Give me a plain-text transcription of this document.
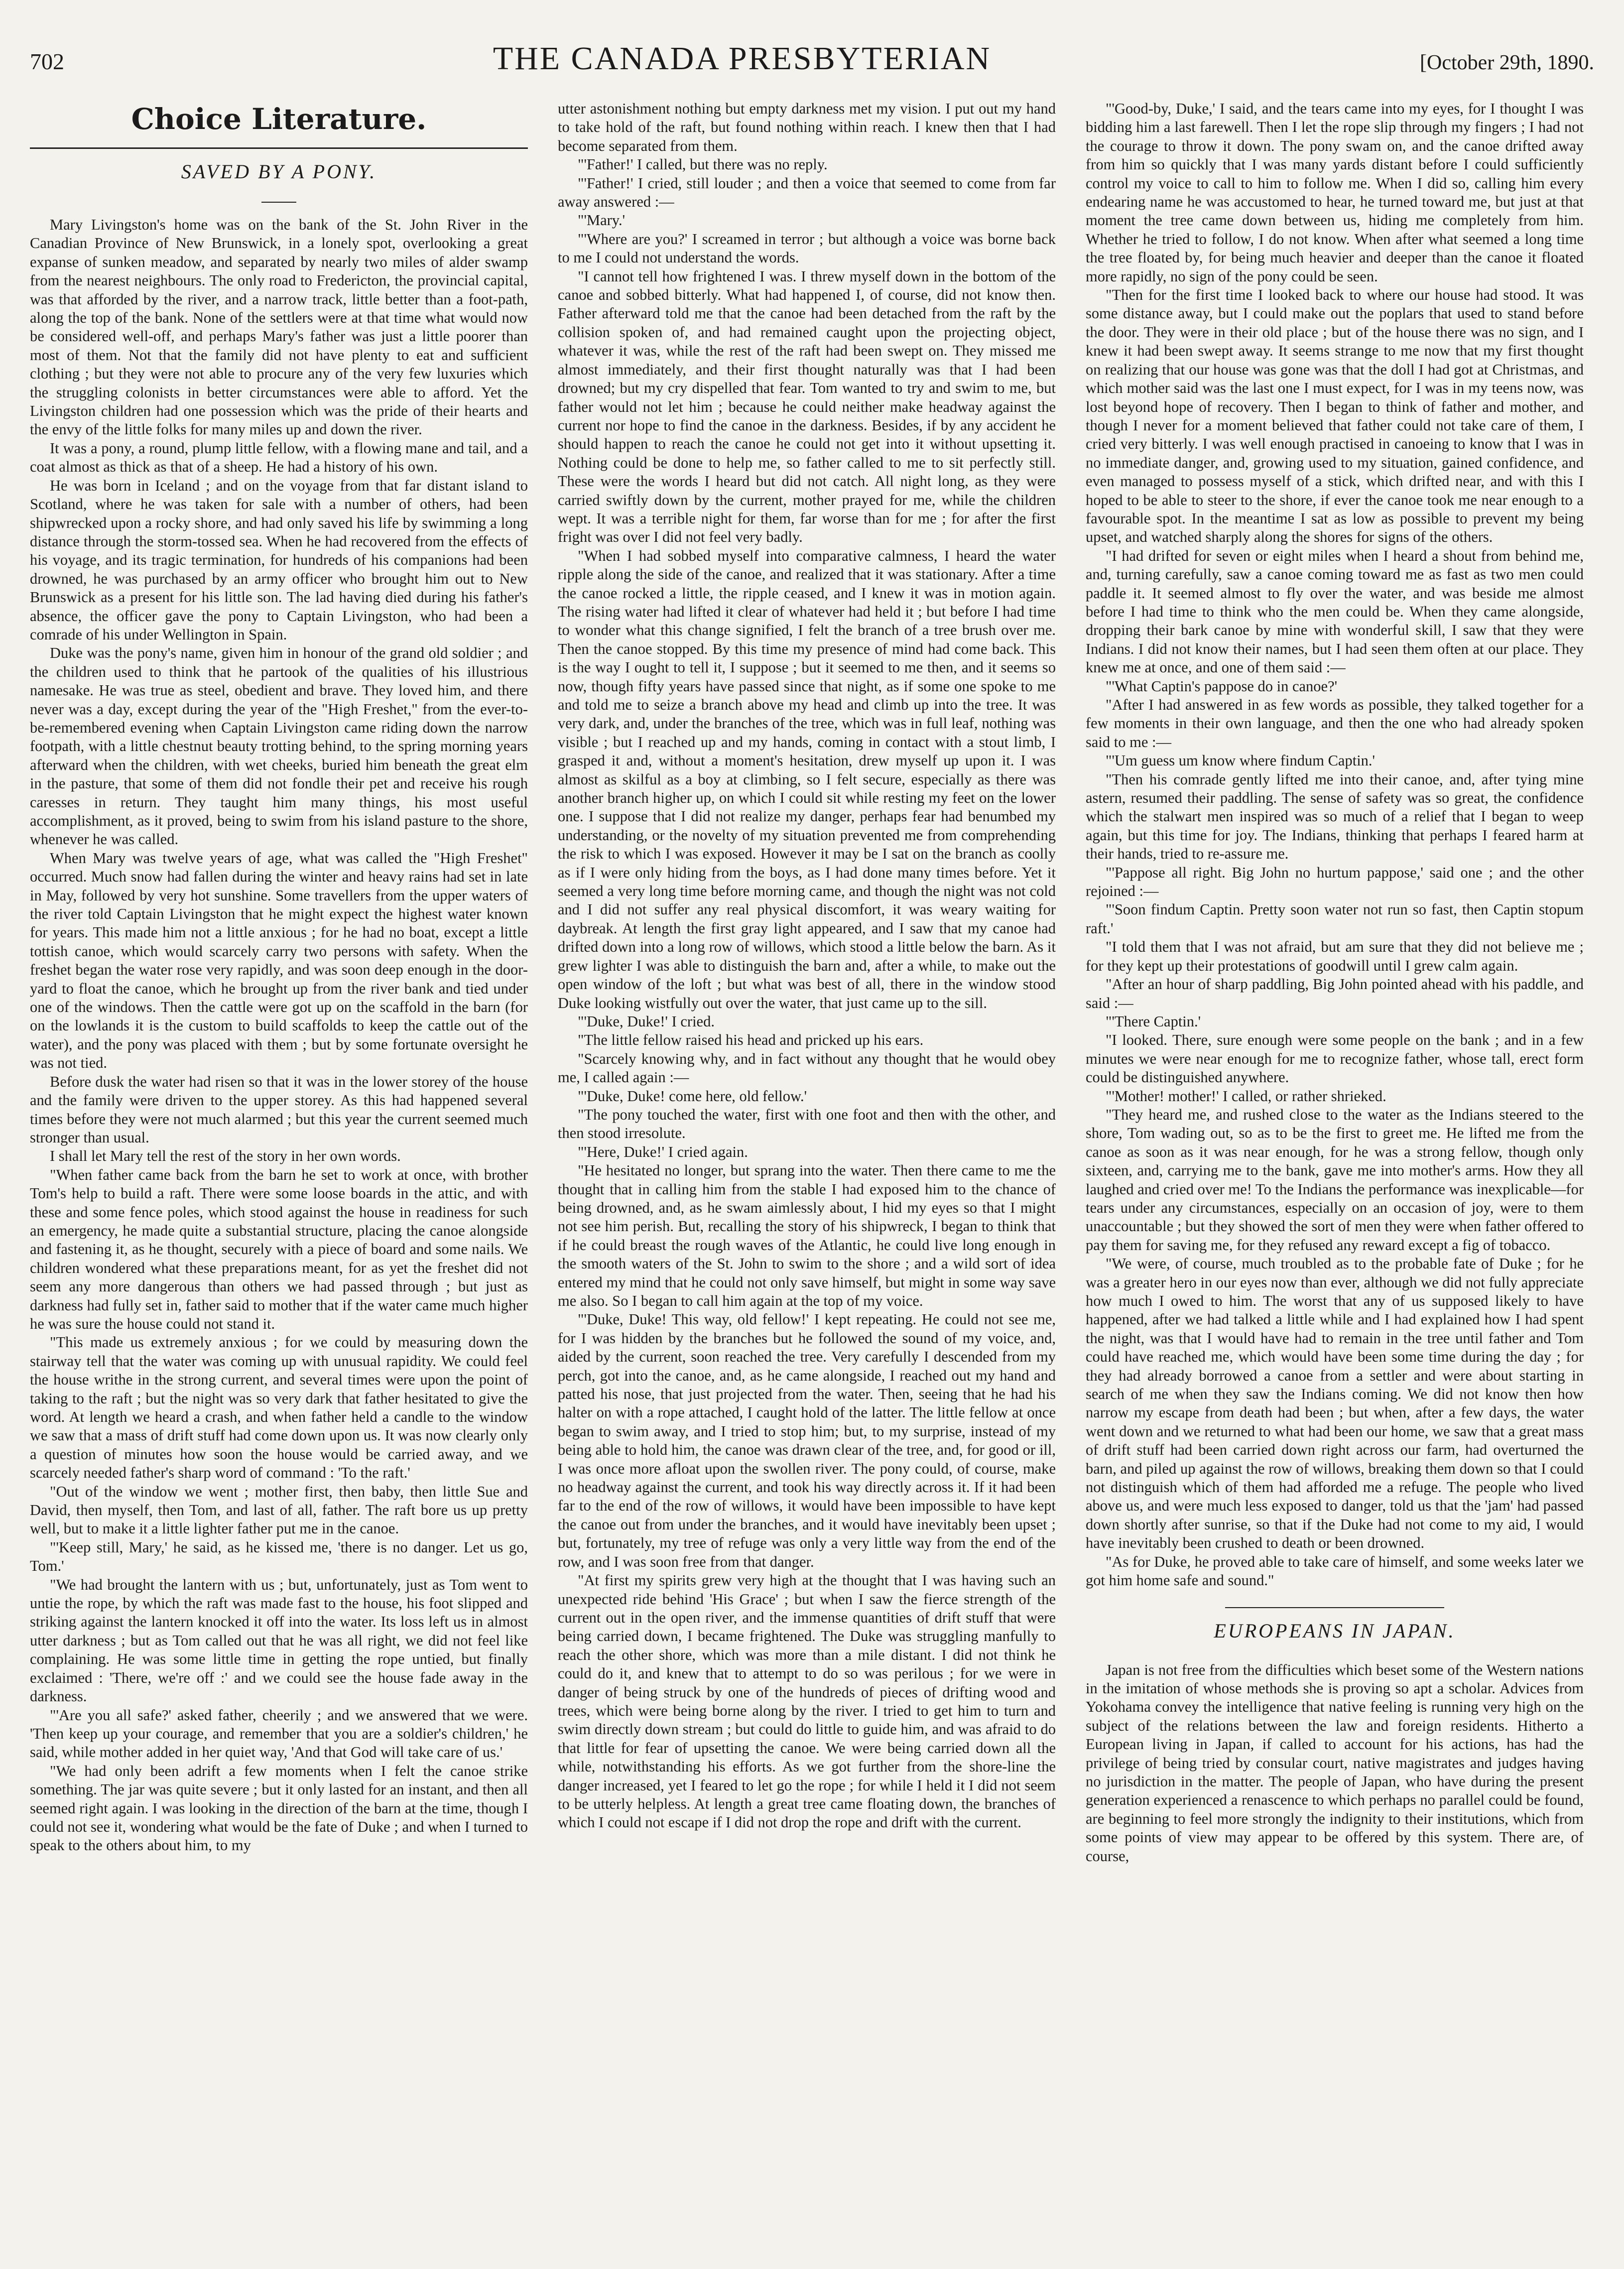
702	THE CANADA PRESBYTERIAN	[October 29th, 1890.
Choice Literature.
SAVED BY A PONY.

Mary Livingston's home was on the bank of the St. John River in the Canadian Province of New Brunswick, in a lonely spot, overlooking a great expanse of sunken meadow, and separated by nearly two miles of alder swamp from the nearest neighbours. The only road to Fredericton, the provincial capital, was that afforded by the river, and a narrow track, little better than a foot-path, along the top of the bank. None of the settlers were at that time what would now be considered well-off, and perhaps Mary's father was just a little poorer than most of them. Not that the family did not have plenty to eat and sufficient clothing ; but they were not able to procure any of the very few luxuries which the struggling colonists in better circumstances were able to afford. Yet the Livingston children had one possession which was the pride of their hearts and the envy of the little folks for many miles up and down the river.

It was a pony, a round, plump little fellow, with a flowing mane and tail, and a coat almost as thick as that of a sheep. He had a history of his own.

He was born in Iceland ; and on the voyage from that far distant island to Scotland, where he was taken for sale with a number of others, had been shipwrecked upon a rocky shore, and had only saved his life by swimming a long distance through the storm-tossed sea. When he had recovered from the effects of his voyage, and its tragic termination, for hundreds of his companions had been drowned, he was purchased by an army officer who brought him out to New Brunswick as a present for his little son. The lad having died during his father's absence, the officer gave the pony to Captain Livingston, who had been a comrade of his under Wellington in Spain.

Duke was the pony's name, given him in honour of the grand old soldier ; and the children used to think that he partook of the qualities of his illustrious namesake. He was true as steel, obedient and brave. They loved him, and there never was a day, except during the year of the "High Freshet," from the ever-to-be-remembered evening when Captain Livingston came riding down the narrow footpath, with a little chestnut beauty trotting behind, to the spring morning years afterward when the children, with wet cheeks, buried him beneath the great elm in the pasture, that some of them did not fondle their pet and receive his rough caresses in return. They taught him many things, his most useful accomplishment, as it proved, being to swim from his island pasture to the shore, whenever he was called.

When Mary was twelve years of age, what was called the "High Freshet" occurred. Much snow had fallen during the winter and heavy rains had set in late in May, followed by very hot sunshine. Some travellers from the upper waters of the river told Captain Livingston that he might expect the highest water known for years. This made him not a little anxious ; for he had no boat, except a little tottish canoe, which would scarcely carry two persons with safety. When the freshet began the water rose very rapidly, and was soon deep enough in the door-yard to float the canoe, which he brought up from the river bank and tied under one of the windows. Then the cattle were got up on the scaffold in the barn (for on the lowlands it is the custom to build scaffolds to keep the cattle out of the water), and the pony was placed with them ; but by some fortunate oversight he was not tied.

Before dusk the water had risen so that it was in the lower storey of the house and the family were driven to the upper storey. As this had happened several times before they were not much alarmed ; but this year the current seemed much stronger than usual.

I shall let Mary tell the rest of the story in her own words.

"When father came back from the barn he set to work at once, with brother Tom's help to build a raft. There were some loose boards in the attic, and with these and some fence poles, which stood against the house in readiness for such an emergency, he made quite a substantial structure, placing the canoe alongside and fastening it, as he thought, securely with a piece of board and some nails. We children wondered what these preparations meant, for as yet the freshet did not seem any more dangerous than others we had passed through ; but just as darkness had fully set in, father said to mother that if the water came much higher he was sure the house could not stand it.

"This made us extremely anxious ; for we could by measuring down the stairway tell that the water was coming up with unusual rapidity. We could feel the house writhe in the strong current, and several times were upon the point of taking to the raft ; but the night was so very dark that father hesitated to give the word. At length we heard a crash, and when father held a candle to the window we saw that a mass of drift stuff had come down upon us. It was now clearly only a question of minutes how soon the house would be carried away, and we scarcely needed father's sharp word of command : 'To the raft.'

"Out of the window we went ; mother first, then baby, then little Sue and David, then myself, then Tom, and last of all, father. The raft bore us up pretty well, but to make it a little lighter father put me in the canoe.

"'Keep still, Mary,' he said, as he kissed me, 'there is no danger. Let us go, Tom.'

"We had brought the lantern with us ; but, unfortunately, just as Tom went to untie the rope, by which the raft was made fast to the house, his foot slipped and striking against the lantern knocked it off into the water. Its loss left us in almost utter darkness ; but as Tom called out that he was all right, we did not feel like complaining. He was some little time in getting the rope untied, but finally exclaimed : 'There, we're off :' and we could see the house fade away in the darkness.

"'Are you all safe?' asked father, cheerily ; and we answered that we were. 'Then keep up your courage, and remember that you are a soldier's children,' he said, while mother added in her quiet way, 'And that God will take care of us.'

"We had only been adrift a few moments when I felt the canoe strike something. The jar was quite severe ; but it only lasted for an instant, and then all seemed right again. I was looking in the direction of the barn at the time, though I could not see it, wondering what would be the fate of Duke ; and when I turned to speak to the others about him, to my

utter astonishment nothing but empty darkness met my vision. I put out my hand to take hold of the raft, but found nothing within reach. I knew then that I had become separated from them.

"'Father!' I called, but there was no reply.

"'Father!' I cried, still louder ; and then a voice that seemed to come from far away answered :—

"'Mary.'

"'Where are you?' I screamed in terror ; but although a voice was borne back to me I could not understand the words.

"I cannot tell how frightened I was. I threw myself down in the bottom of the canoe and sobbed bitterly. What had happened I, of course, did not know then. Father afterward told me that the canoe had been detached from the raft by the collision spoken of, and had remained caught upon the projecting object, whatever it was, while the rest of the raft had been swept on. They missed me almost immediately, and their first thought naturally was that I had been drowned; but my cry dispelled that fear. Tom wanted to try and swim to me, but father would not let him ; because he could neither make headway against the current nor hope to find the canoe in the darkness. Besides, if by any accident he should happen to reach the canoe he could not get into it without upsetting it. Nothing could be done to help me, so father called to me to sit perfectly still. These were the words I heard but did not catch. All night long, as they were carried swiftly down by the current, mother prayed for me, while the children wept. It was a terrible night for them, far worse than for me ; for after the first fright was over I did not feel very badly.

"When I had sobbed myself into comparative calmness, I heard the water ripple along the side of the canoe, and realized that it was stationary. After a time the canoe rocked a little, the ripple ceased, and I knew it was in motion again. The rising water had lifted it clear of whatever had held it ; but before I had time to wonder what this change signified, I felt the branch of a tree brush over me. Then the canoe stopped. By this time my presence of mind had come back. This is the way I ought to tell it, I suppose ; but it seemed to me then, and it seems so now, though fifty years have passed since that night, as if some one spoke to me and told me to seize a branch above my head and climb up into the tree. It was very dark, and, under the branches of the tree, which was in full leaf, nothing was visible ; but I reached up and my hands, coming in contact with a stout limb, I grasped it and, without a moment's hesitation, drew myself up upon it. I was almost as skilful as a boy at climbing, so I felt secure, especially as there was another branch higher up, on which I could sit while resting my feet on the lower one. I suppose that I did not realize my danger, perhaps fear had benumbed my understanding, or the novelty of my situation prevented me from comprehending the risk to which I was exposed. However it may be I sat on the branch as coolly as if I were only hiding from the boys, as I had done many times before. Yet it seemed a very long time before morning came, and though the night was not cold and I did not suffer any real physical discomfort, it was weary waiting for daybreak. At length the first gray light appeared, and I saw that my canoe had drifted down into a long row of willows, which stood a little below the barn. As it grew lighter I was able to distinguish the barn and, after a while, to make out the open window of the loft ; but what was best of all, there in the window stood Duke looking wistfully out over the water, that just came up to the sill.

"'Duke, Duke!' I cried.

"The little fellow raised his head and pricked up his ears.

"Scarcely knowing why, and in fact without any thought that he would obey me, I called again :—

"'Duke, Duke! come here, old fellow.'

"The pony touched the water, first with one foot and then with the other, and then stood irresolute.

"'Here, Duke!' I cried again.

"He hesitated no longer, but sprang into the water. Then there came to me the thought that in calling him from the stable I had exposed him to the chance of being drowned, and, as he swam aimlessly about, I hid my eyes so that I might not see him perish. But, recalling the story of his shipwreck, I began to think that if he could breast the rough waves of the Atlantic, he could live long enough in the smooth waters of the St. John to swim to the shore ; and a wild sort of idea entered my mind that he could not only save himself, but might in some way save me also. So I began to call him again at the top of my voice.

"'Duke, Duke! This way, old fellow!' I kept repeating. He could not see me, for I was hidden by the branches but he followed the sound of my voice, and, aided by the current, soon reached the tree. Very carefully I descended from my perch, got into the canoe, and, as he came alongside, I reached out my hand and patted his nose, that just projected from the water. Then, seeing that he had his halter on with a rope attached, I caught hold of the latter. The little fellow at once began to swim away, and I tried to stop him; but, to my surprise, instead of my being able to hold him, the canoe was drawn clear of the tree, and, for good or ill, I was once more afloat upon the swollen river. The pony could, of course, make no headway against the current, and took his way directly across it. If it had been far to the end of the row of willows, it would have been impossible to have kept the canoe out from under the branches, and it would have inevitably been upset ; but, fortunately, my tree of refuge was only a very little way from the end of the row, and I was soon free from that danger.

"At first my spirits grew very high at the thought that I was having such an unexpected ride behind 'His Grace' ; but when I saw the fierce strength of the current out in the open river, and the immense quantities of drift stuff that were being carried down, I became frightened. The Duke was struggling manfully to reach the other shore, which was more than a mile distant. I did not think he could do it, and knew that to attempt to do so was perilous ; for we were in danger of being struck by one of the hundreds of pieces of drifting wood and trees, which were being borne along by the river. I tried to get him to turn and swim directly down stream ; but could do little to guide him, and was afraid to do that little for fear of upsetting the canoe. We were being carried down all the while, notwithstanding his efforts. As we got further from the shore-line the danger increased, yet I feared to let go the rope ; for while I held it I did not seem to be utterly helpless. At length a great tree came floating down, the branches of which I could not escape if I did not drop the rope and drift with the current.

"'Good-by, Duke,' I said, and the tears came into my eyes, for I thought I was bidding him a last farewell. Then I let the rope slip through my fingers ; I had not the courage to throw it down. The pony swam on, and the canoe drifted away from him so quickly that I was many yards distant before I could sufficiently control my voice to call to him to follow me. When I did so, calling him every endearing name he was accustomed to hear, he turned toward me, but just at that moment the tree came down between us, hiding me completely from him. Whether he tried to follow, I do not know. When after what seemed a long time the tree floated by, for being much heavier and deeper than the canoe it floated more rapidly, no sign of the pony could be seen.

"Then for the first time I looked back to where our house had stood. It was some distance away, but I could make out the poplars that used to stand before the door. They were in their old place ; but of the house there was no sign, and I knew it had been swept away. It seems strange to me now that my first thought on realizing that our house was gone was that the doll I had got at Christmas, and which mother said was the last one I must expect, for I was in my teens now, was lost beyond hope of recovery. Then I began to think of father and mother, and though I never for a moment believed that father could not take care of them, I cried very bitterly. I was well enough practised in canoeing to know that I was in no immediate danger, and, growing used to my situation, gained confidence, and even managed to possess myself of a stick, which drifted near, and with this I hoped to be able to steer to the shore, if ever the canoe took me near enough to a favourable spot. In the meantime I sat as low as possible to prevent my being upset, and watched sharply along the shores for signs of the others.

"I had drifted for seven or eight miles when I heard a shout from behind me, and, turning carefully, saw a canoe coming toward me as fast as two men could paddle it. It seemed almost to fly over the water, and was beside me almost before I had time to think who the men could be. When they came alongside, dropping their bark canoe by mine with wonderful skill, I saw that they were Indians. I did not know their names, but I had seen them often at our place. They knew me at once, and one of them said :—

"'What Captin's pappose do in canoe?'

"After I had answered in as few words as possible, they talked together for a few moments in their own language, and then the one who had already spoken said to me :—

"'Um guess um know where findum Captin.'

"Then his comrade gently lifted me into their canoe, and, after tying mine astern, resumed their paddling. The sense of safety was so great, the confidence which the stalwart men inspired was so much of a relief that I began to weep again, but this time for joy. The Indians, thinking that perhaps I feared harm at their hands, tried to re-assure me.

"'Pappose all right. Big John no hurtum pappose,' said one ; and the other rejoined :—

"'Soon findum Captin. Pretty soon water not run so fast, then Captin stopum raft.'

"I told them that I was not afraid, but am sure that they did not believe me ; for they kept up their protestations of goodwill until I grew calm again.

"After an hour of sharp paddling, Big John pointed ahead with his paddle, and said :—

"'There Captin.'

"I looked. There, sure enough were some people on the bank ; and in a few minutes we were near enough for me to recognize father, whose tall, erect form could be distinguished anywhere.

"'Mother! mother!' I called, or rather shrieked.

"They heard me, and rushed close to the water as the Indians steered to the shore, Tom wading out, so as to be the first to greet me. He lifted me from the canoe as soon as it was near enough, for he was a strong fellow, though only sixteen, and, carrying me to the bank, gave me into mother's arms. How they all laughed and cried over me! To the Indians the performance was inexplicable—for tears under any circumstances, especially on an occasion of joy, were to them unaccountable ; but they showed the sort of men they were when father offered to pay them for saving me, for they refused any reward except a fig of tobacco.

"We were, of course, much troubled as to the probable fate of Duke ; for he was a greater hero in our eyes now than ever, although we did not fully appreciate how much I owed to him. The worst that any of us supposed likely to have happened, after we had talked a little while and I had explained how I had spent the night, was that I would have had to remain in the tree until father and Tom could have reached me, which would have been some time during the day ; for they had already borrowed a canoe from a settler and were about starting in search of me when they saw the Indians coming. We did not know then how narrow my escape from death had been ; but when, after a few days, the water went down and we returned to what had been our home, we saw that a great mass of drift stuff had been carried down right across our farm, had overturned the barn, and piled up against the row of willows, breaking them down so that I could not distinguish which of them had afforded me a refuge. The people who lived above us, and were much less exposed to danger, told us that the 'jam' had passed down shortly after sunrise, so that if the Duke had not come to my aid, I would have inevitably been crushed to death or been drowned.

"As for Duke, he proved able to take care of himself, and some weeks later we got him home safe and sound."

EUROPEANS IN JAPAN.

Japan is not free from the difficulties which beset some of the Western nations in the imitation of whose methods she is proving so apt a scholar. Advices from Yokohama convey the intelligence that native feeling is running very high on the subject of the relations between the law and foreign residents. Hitherto a European living in Japan, if called to account for his actions, has had the privilege of being tried by consular court, native magistrates and judges having no jurisdiction in the matter. The people of Japan, who have during the present generation experienced a renascence to which perhaps no parallel could be found, are beginning to feel more strongly the indignity to their institutions, which from some points of view may appear to be offered by this system. There are, of course,
